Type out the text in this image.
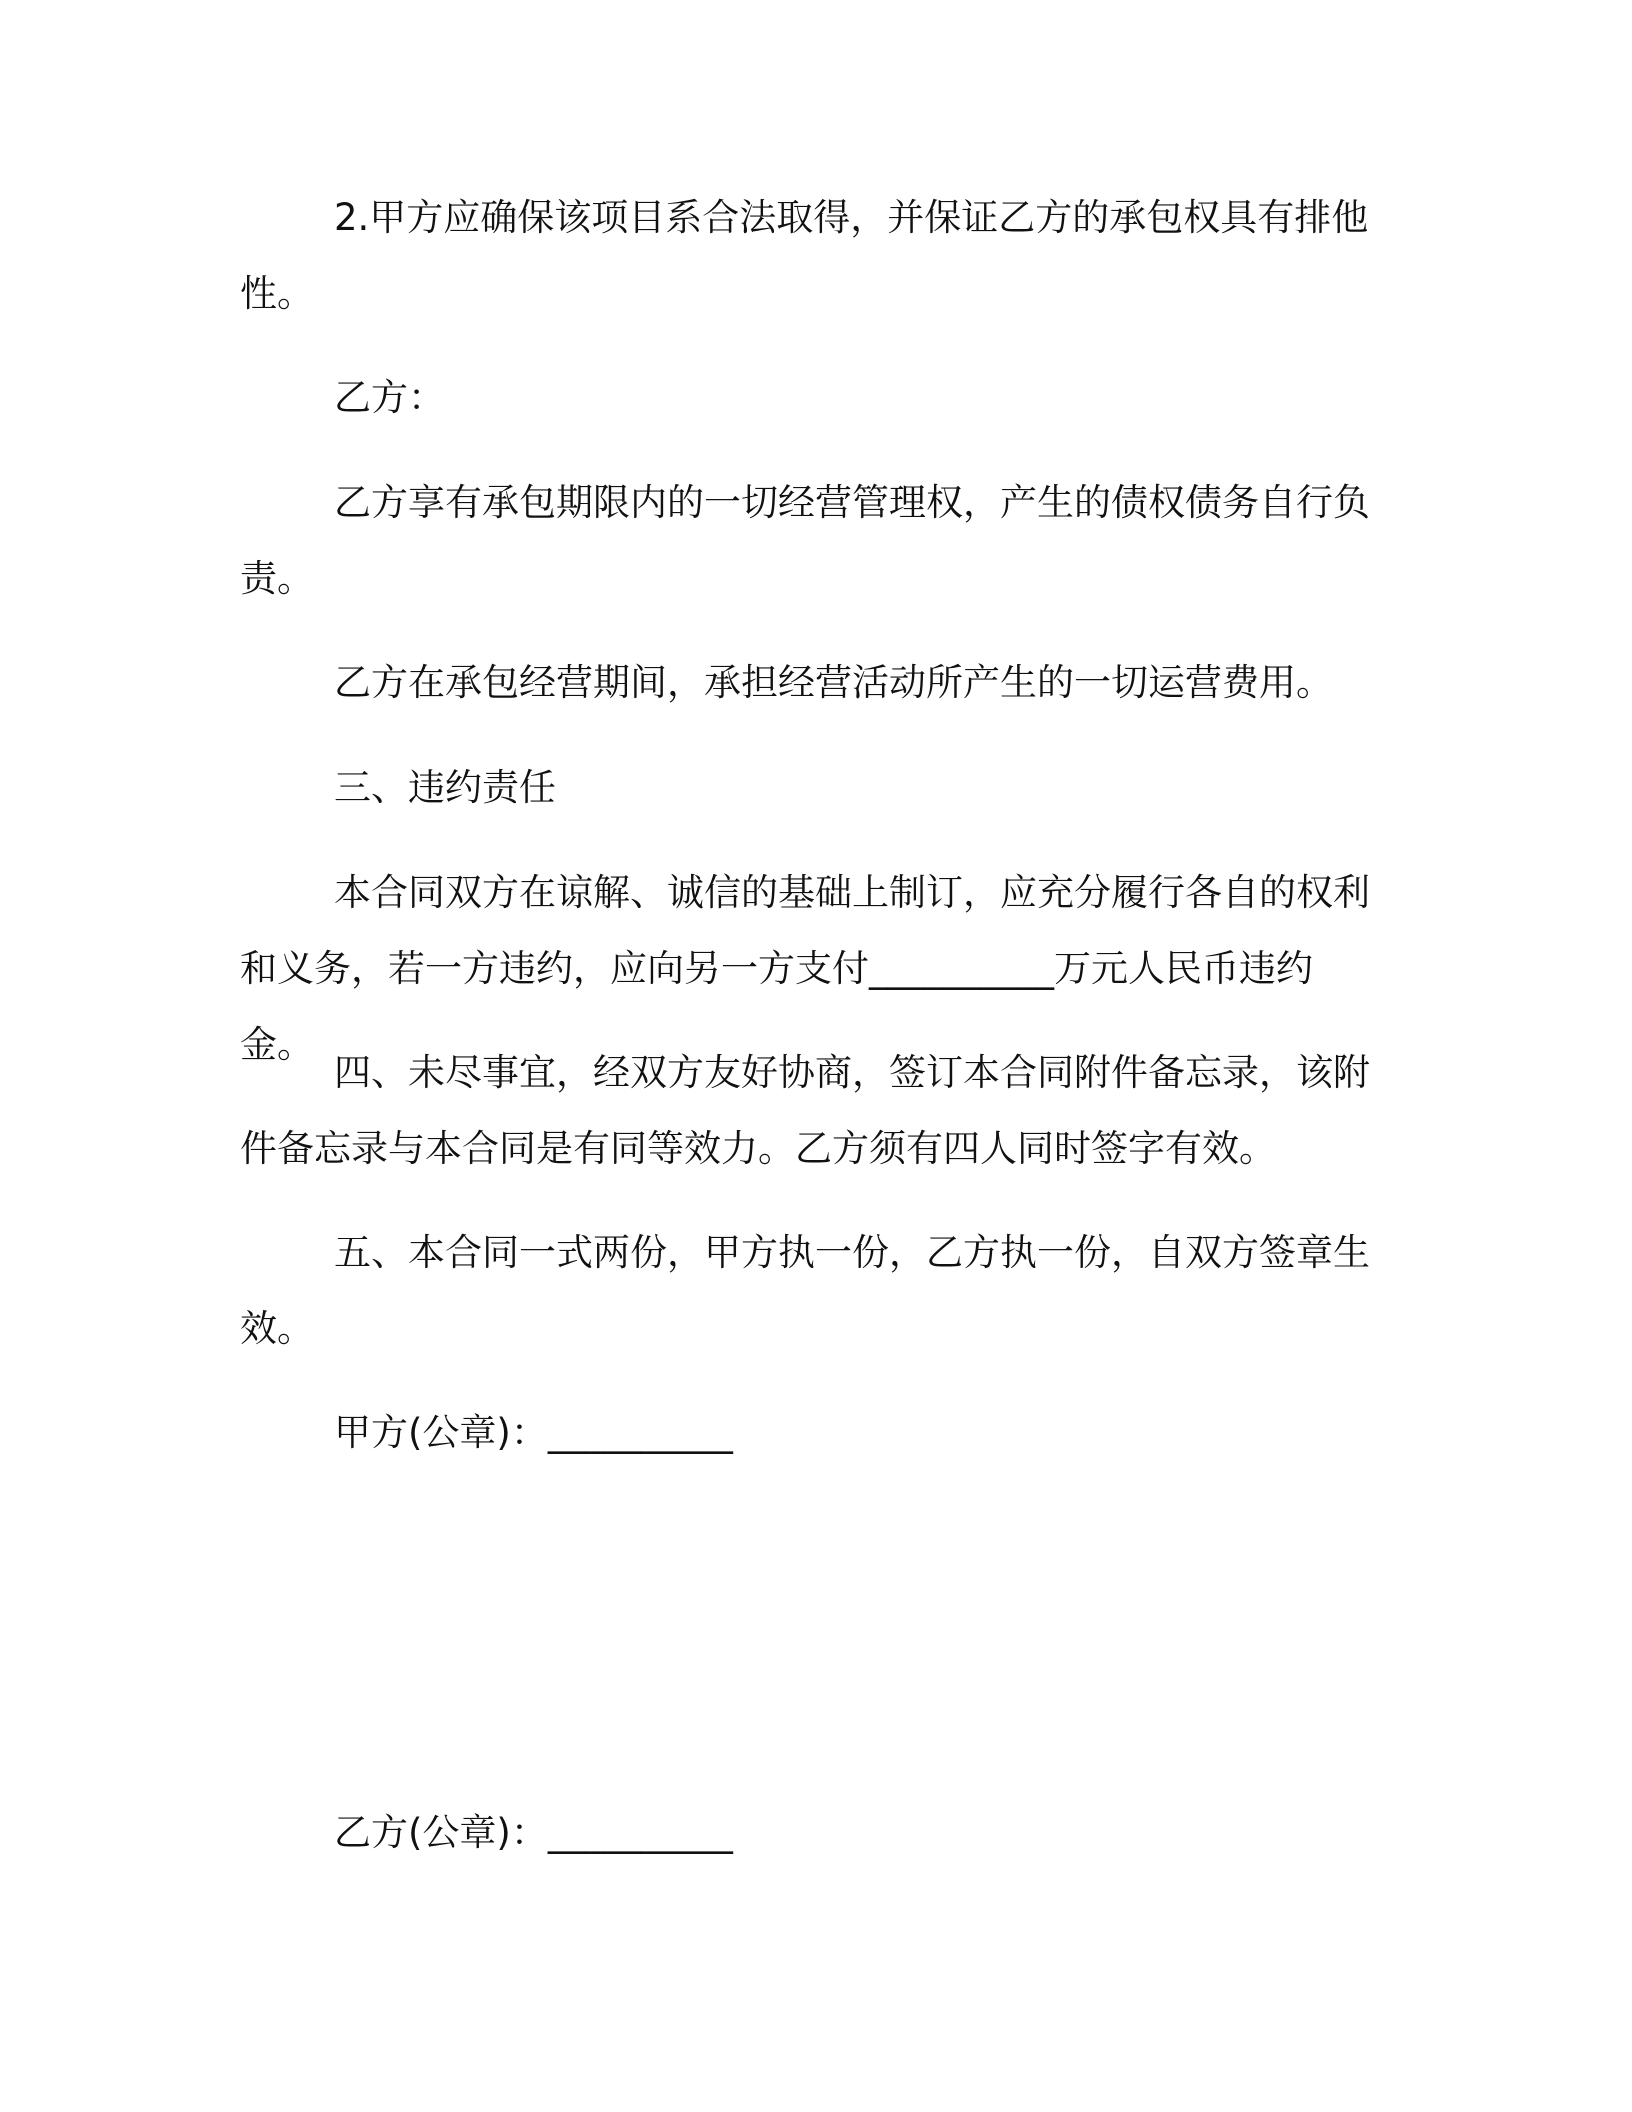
2.甲方应确保该项目系合法取得，并保证乙方的承包权具有排他性。

乙方：

乙方享有承包期限内的一切经营管理权，产生的债权债务自行负责。

乙方在承包经营期间，承担经营活动所产生的一切运营费用。

三、违约责任

本合同双方在谅解、诚信的基础上制订，应充分履行各自的权利和义务，若一方违约，应向另一方支付__________万元人民币违约金。

四、未尽事宜，经双方友好协商，签订本合同附件备忘录，该附件备忘录与本合同是有同等效力。乙方须有四人同时签字有效。

五、本合同一式两份，甲方执一份，乙方执一份，自双方签章生效。

甲方(公章)：__________

乙方(公章)：__________
